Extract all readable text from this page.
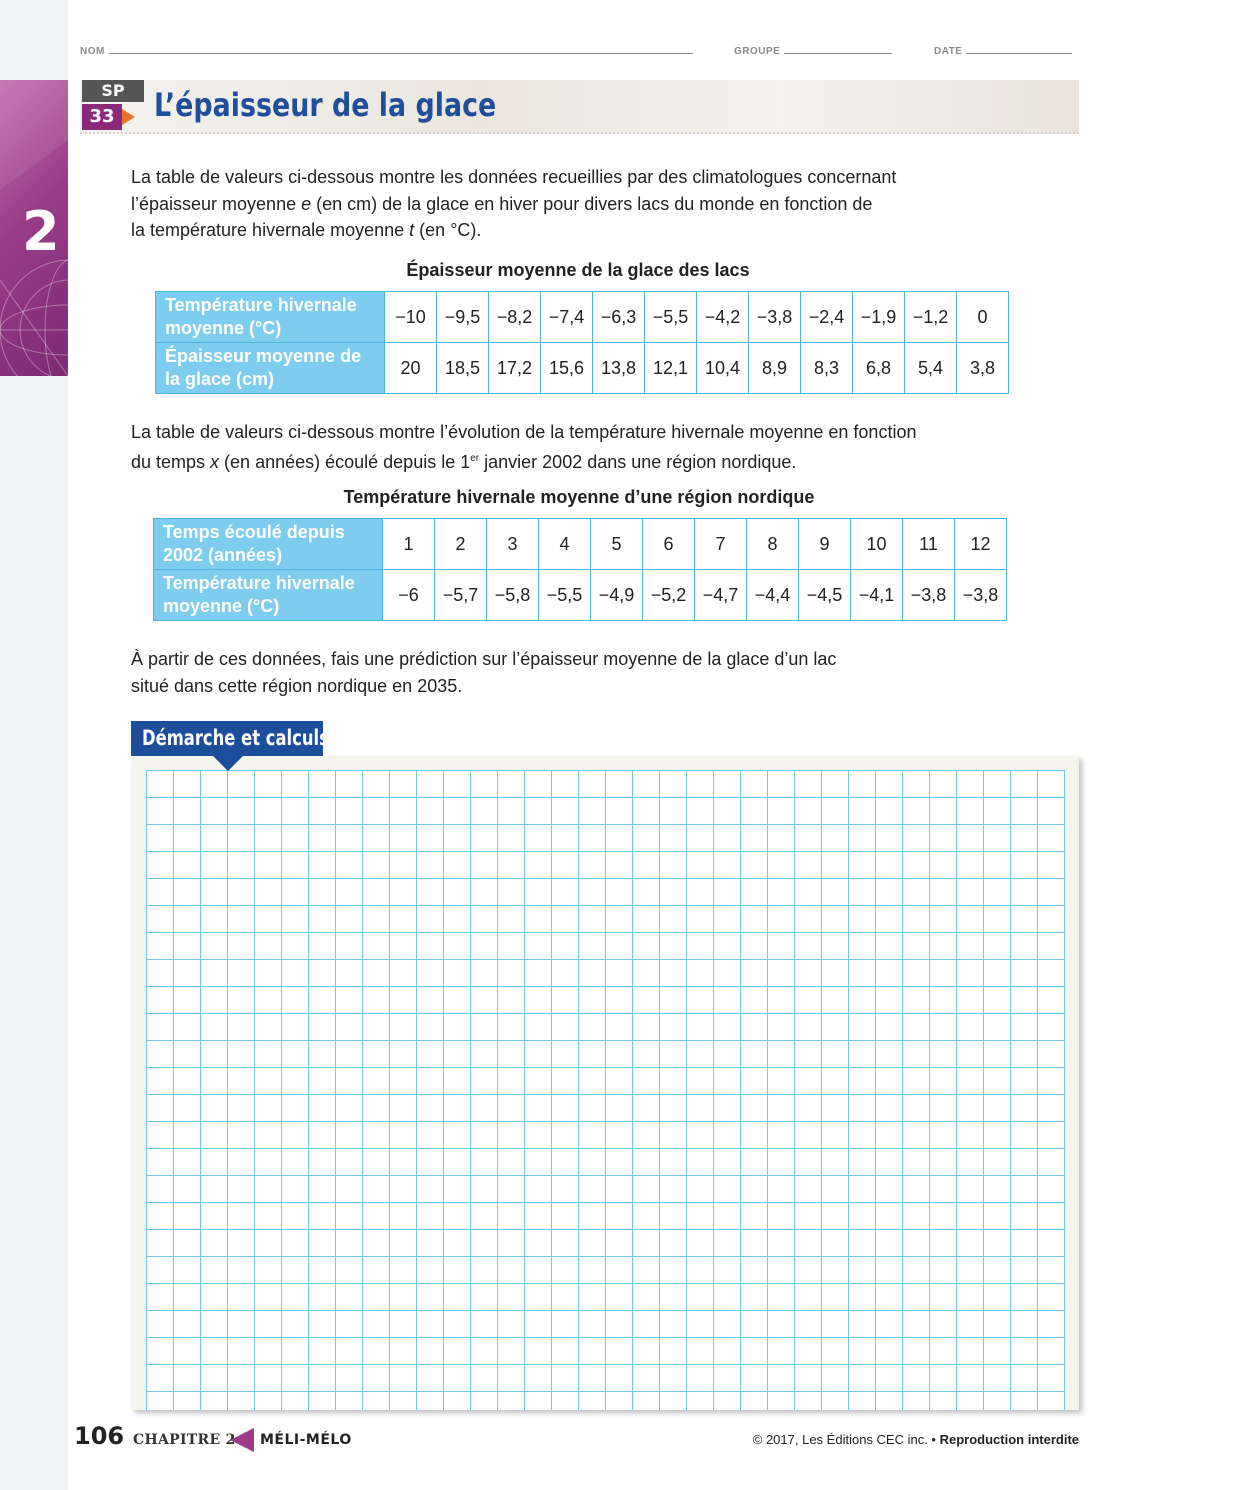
2
NOM	GROUPE	DATE
SP
33 L’épaisseur de la glace

La table de valeurs ci-dessous montre les données recueillies par des climatologues concernant
l’épaisseur moyenne e (en cm) de la glace en hiver pour divers lacs du monde en fonction de
la température hivernale moyenne t (en °C).

Épaisseur moyenne de la glace des lacs

Température hivernale moyenne (°C)	−10	−9,5	−8,2	−7,4	−6,3	−5,5	−4,2	−3,8	−2,4	−1,9	−1,2	0
Épaisseur moyenne de la glace (cm)	20	18,5	17,2	15,6	13,8	12,1	10,4	8,9	8,3	6,8	5,4	3,8

La table de valeurs ci-dessous montre l’évolution de la température hivernale moyenne en fonction
du temps x (en années) écoulé depuis le 1er janvier 2002 dans une région nordique.

Température hivernale moyenne d’une région nordique

Temps écoulé depuis 2002 (années)	1	2	3	4	5	6	7	8	9	10	11	12
Température hivernale moyenne (°C)	−6	−5,7	−5,8	−5,5	−4,9	−5,2	−4,7	−4,4	−4,5	−4,1	−3,8	−3,8

À partir de ces données, fais une prédiction sur l’épaisseur moyenne de la glace d’un lac
situé dans cette région nordique en 2035.

Démarche et calculs
106 CHAPITRE 2 MÉLI-MÉLO	© 2017, Les Éditions CEC inc. • Reproduction interdite
